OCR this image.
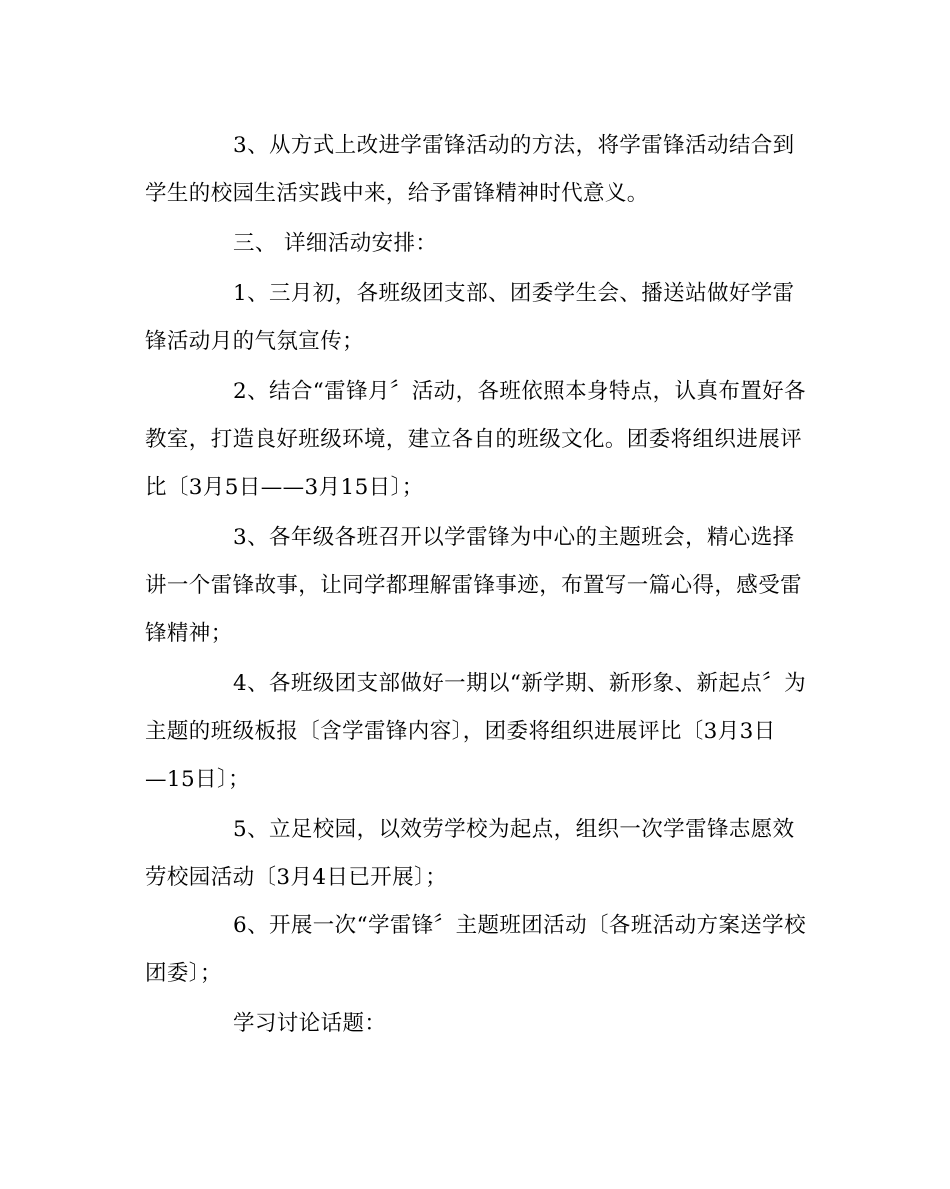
3、从方式上改进学雷锋活动的方法，将学雷锋活动结合到
学生的校园生活实践中来，给予雷锋精神时代意义。
三、 详细活动安排：
1、三月初，各班级团支部、团委学生会、播送站做好学雷
锋活动月的气氛宣传；
2、结合“雷锋月〞活动，各班依照本身特点，认真布置好各
教室，打造良好班级环境，建立各自的班级文化。团委将组织进展评
比〔3月5日——3月15日〕；
3、各年级各班召开以学雷锋为中心的主题班会，精心选择
讲一个雷锋故事，让同学都理解雷锋事迹，布置写一篇心得，感受雷
锋精神；
4、各班级团支部做好一期以“新学期、新形象、新起点〞为
主题的班级板报〔含学雷锋内容〕，团委将组织进展评比〔3月3日
—15日〕；
5、立足校园，以效劳学校为起点，组织一次学雷锋志愿效
劳校园活动〔3月4日已开展〕；
6、开展一次“学雷锋〞主题班团活动〔各班活动方案送学校
团委〕；
学习讨论话题：
